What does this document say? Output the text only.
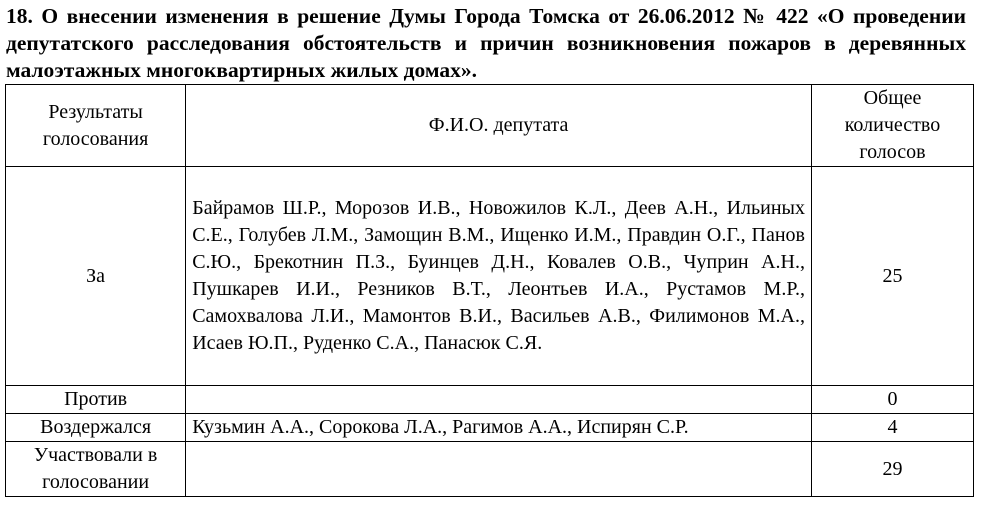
18. О внесении изменения в решение Думы Города Томска от 26.06.2012 № 422 «О проведении депутатского расследования обстоятельств и причин возникновения пожаров в деревянных малоэтажных многоквартирных жилых домах».
Результаты голосования	Ф.И.О. депутата	Общее количество голосов
За	Байрамов Ш.Р., Морозов И.В., Новожилов К.Л., Деев А.Н., Ильиных С.Е., Голубев Л.М., Замощин В.М., Ищенко И.М., Правдин О.Г., Панов С.Ю., Брекотнин П.З., Буинцев Д.Н., Ковалев О.В., Чуприн А.Н., Пушкарев И.И., Резников В.Т., Леонтьев И.А., Рустамов М.Р., Самохвалова Л.И., Мамонтов В.И., Васильев А.В., Филимонов М.А., Исаев Ю.П., Руденко С.А., Панасюк С.Я.	25
Против		0
Воздержался	Кузьмин А.А., Сорокова Л.А., Рагимов А.А., Испирян С.Р.	4
Участвовали в голосовании		29
